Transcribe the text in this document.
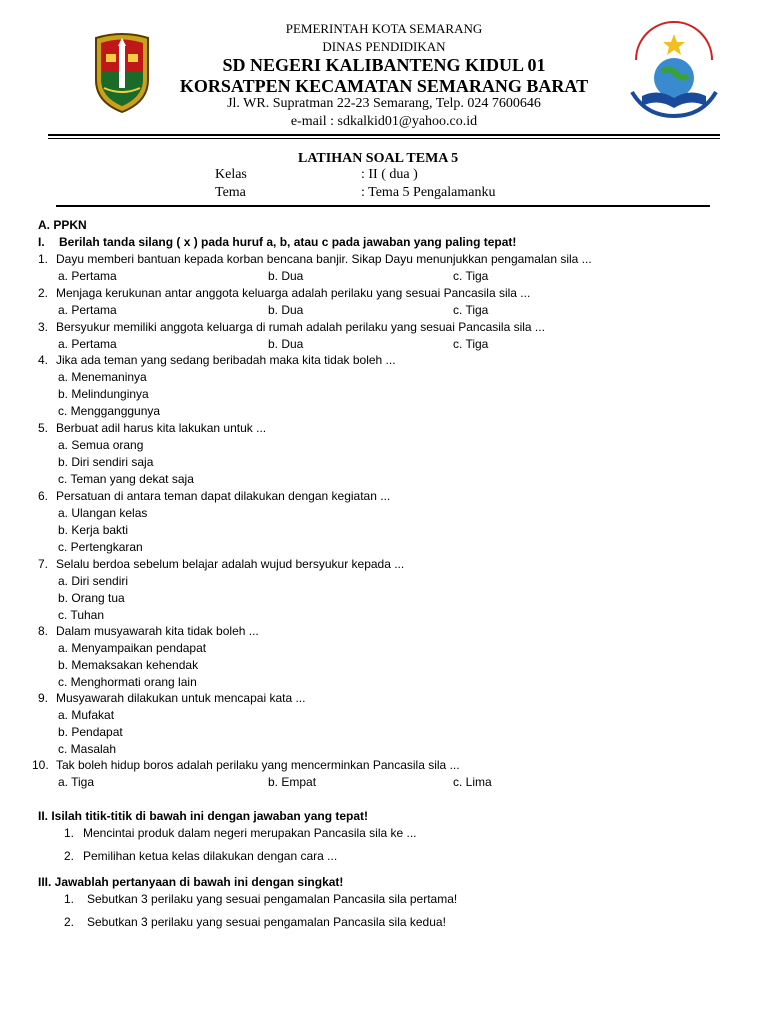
PEMERINTAH KOTA SEMARANG
DINAS PENDIDIKAN
SD NEGERI KALIBANTENG KIDUL 01
KORSATPEN KECAMATAN SEMARANG BARAT
Jl. WR. Supratman 22-23 Semarang, Telp. 024 7600646
e-mail : sdkalkid01@yahoo.co.id
LATIHAN SOAL TEMA 5
Kelas	: II ( dua )
Tema	: Tema 5 Pengalamanku
A. PPKN
I. Berilah tanda silang ( x ) pada huruf a, b, atau c pada jawaban yang paling tepat!
1. Dayu memberi bantuan kepada korban bencana banjir. Sikap Dayu menunjukkan pengamalan sila ...
a. Pertama	b. Dua	c. Tiga
2. Menjaga kerukunan antar anggota keluarga adalah perilaku yang sesuai Pancasila sila ...
a. Pertama	b. Dua	c. Tiga
3. Bersyukur memiliki anggota keluarga di rumah adalah perilaku yang sesuai Pancasila sila ...
a. Pertama	b. Dua	c. Tiga
4. Jika ada teman yang sedang beribadah maka kita tidak boleh ...
a. Menemaninya
b. Melindunginya
c. Mengganggunya
5. Berbuat adil harus kita lakukan untuk ...
a. Semua orang
b. Diri sendiri saja
c. Teman yang dekat saja
6. Persatuan di antara teman dapat dilakukan dengan kegiatan ...
a. Ulangan kelas
b. Kerja bakti
c. Pertengkaran
7. Selalu berdoa sebelum belajar adalah wujud bersyukur kepada ...
a. Diri sendiri
b. Orang tua
c. Tuhan
8. Dalam musyawarah kita tidak boleh ...
a. Menyampaikan pendapat
b. Memaksakan kehendak
c. Menghormati orang lain
9. Musyawarah dilakukan untuk mencapai kata ...
a. Mufakat
b. Pendapat
c. Masalah
10. Tak boleh hidup boros adalah perilaku yang mencerminkan Pancasila sila ...
a. Tiga	b. Empat	c. Lima
II. Isilah titik-titik di bawah ini dengan jawaban yang tepat!
1. Mencintai produk dalam negeri merupakan Pancasila sila ke ...
2. Pemilihan ketua kelas dilakukan dengan cara ...
III. Jawablah pertanyaan di bawah ini dengan singkat!
1. Sebutkan 3 perilaku yang sesuai pengamalan Pancasila sila pertama!
2. Sebutkan 3 perilaku yang sesuai pengamalan Pancasila sila kedua!
